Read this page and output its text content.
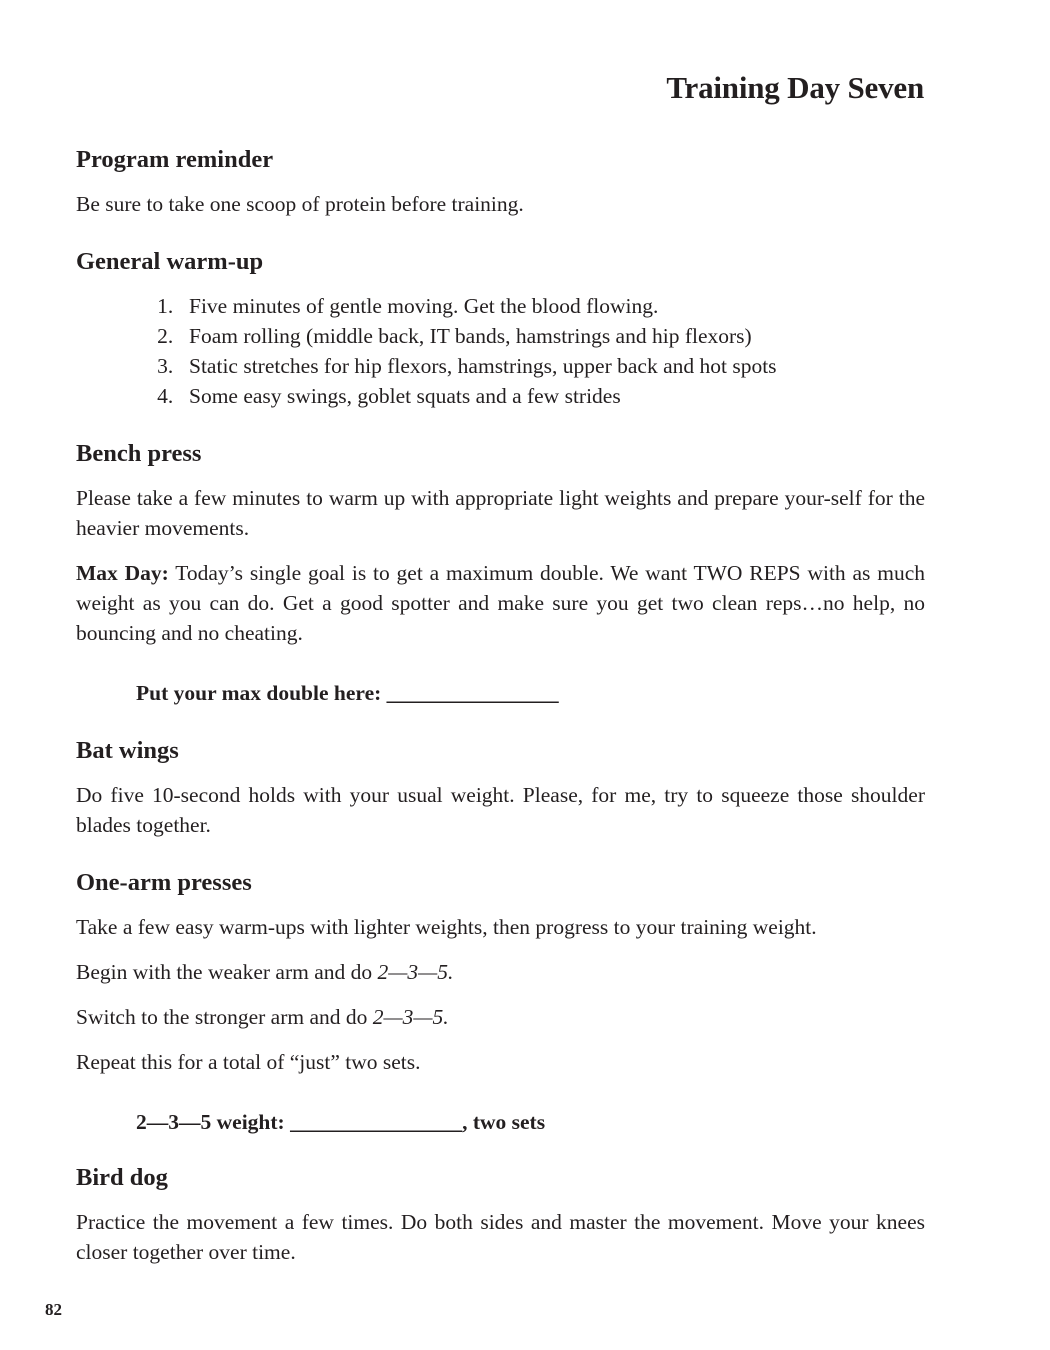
Training Day Seven
Program reminder

Be sure to take one scoop of protein before training.

General warm-up
1. Five minutes of gentle moving. Get the blood flowing.
2. Foam rolling (middle back, IT bands, hamstrings and hip flexors)
3. Static stretches for hip flexors, hamstrings, upper back and hot spots
4. Some easy swings, goblet squats and a few strides
Bench press

Please take a few minutes to warm up with appropriate light weights and prepare your-self for the heavier movements.

Max Day: Today’s single goal is to get a maximum double. We want TWO REPS with as much weight as you can do. Get a good spotter and make sure you get two clean reps…no help, no bouncing and no cheating.

Put your max double here: ________________

Bat wings

Do five 10-second holds with your usual weight. Please, for me, try to squeeze those shoulder blades together.

One-arm presses

Take a few easy warm-ups with lighter weights, then progress to your training weight.

Begin with the weaker arm and do 2—3—5.

Switch to the stronger arm and do 2—3—5.

Repeat this for a total of “just” two sets.

2—3—5 weight: ________________, two sets

Bird dog

Practice the movement a few times. Do both sides and master the movement. Move your knees closer together over time.

82
